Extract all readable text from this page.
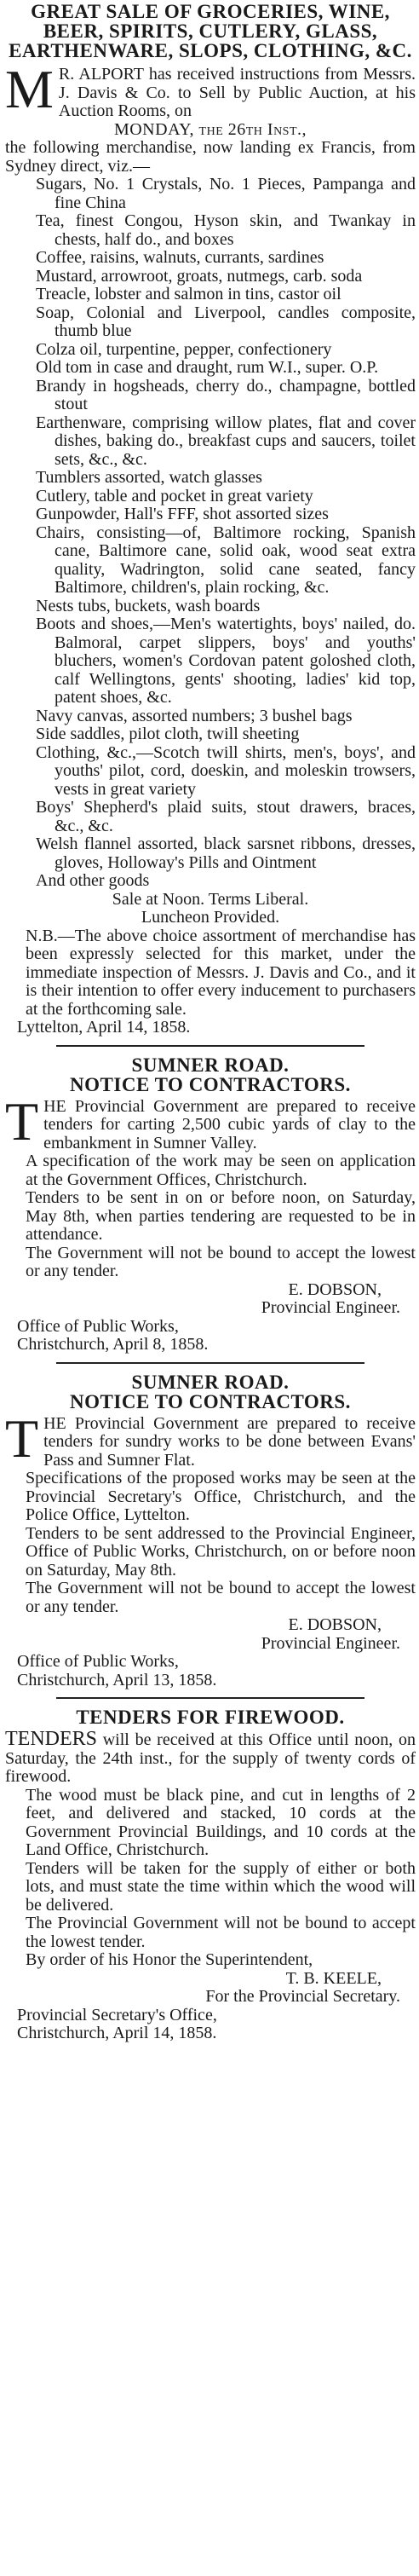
GREAT SALE OF GROCERIES, WINE, BEER, SPIRITS, CUTLERY, GLASS, EARTHENWARE, SLOPS, CLOTHING, &C.

M R. ALPORT has received instructions from Messrs. J. Davis & Co. to Sell by Public Auction, at his Auction Rooms, on

MONDAY, the 26th Inst.,

the following merchandise, now landing ex Francis, from Sydney direct, viz.—

Sugars, No. 1 Crystals, No. 1 Pieces, Pampanga and fine China

Tea, finest Congou, Hyson skin, and Twankay in chests, half do., and boxes

Coffee, raisins, walnuts, currants, sardines

Mustard, arrowroot, groats, nutmegs, carb. soda

Treacle, lobster and salmon in tins, castor oil

Soap, Colonial and Liverpool, candles composite, thumb blue

Colza oil, turpentine, pepper, confectionery

Old tom in case and draught, rum W.I., super. O.P.

Brandy in hogsheads, cherry do., champagne, bottled stout

Earthenware, comprising willow plates, flat and cover dishes, baking do., breakfast cups and saucers, toilet sets, &c., &c.

Tumblers assorted, watch glasses

Cutlery, table and pocket in great variety

Gunpowder, Hall's FFF, shot assorted sizes

Chairs, consisting—of, Baltimore rocking, Spanish cane, Baltimore cane, solid oak, wood seat extra quality, Wadrington, solid cane seated, fancy Baltimore, children's, plain rocking, &c.

Nests tubs, buckets, wash boards

Boots and shoes,—Men's watertights, boys' nailed, do. Balmoral, carpet slippers, boys' and youths' bluchers, women's Cordovan patent goloshed cloth, calf Wellingtons, gents' shooting, ladies' kid top, patent shoes, &c.

Navy canvas, assorted numbers; 3 bushel bags

Side saddles, pilot cloth, twill sheeting

Clothing, &c.,—Scotch twill shirts, men's, boys', and youths' pilot, cord, doeskin, and moleskin trowsers, vests in great variety

Boys' Shepherd's plaid suits, stout drawers, braces, &c., &c.

Welsh flannel assorted, black sarsnet ribbons, dresses, gloves, Holloway's Pills and Ointment

And other goods

Sale at Noon. Terms Liberal.

Luncheon Provided.

N.B.—The above choice assortment of merchandise has been expressly selected for this market, under the immediate inspection of Messrs. J. Davis and Co., and it is their intention to offer every inducement to purchasers at the forthcoming sale.

Lyttelton, April 14, 1858.

SUMNER ROAD.
NOTICE TO CONTRACTORS.

THE Provincial Government are prepared to receive tenders for carting 2,500 cubic yards of clay to the embankment in Sumner Valley.

A specification of the work may be seen on application at the Government Offices, Christchurch.

Tenders to be sent in on or before noon, on Saturday, May 8th, when parties tendering are requested to be in attendance.

The Government will not be bound to accept the lowest or any tender.

E. DOBSON,

Provincial Engineer.

Office of Public Works,

Christchurch, April 8, 1858.

SUMNER ROAD.
NOTICE TO CONTRACTORS.

THE Provincial Government are prepared to receive tenders for sundry works to be done between Evans' Pass and Sumner Flat.

Specifications of the proposed works may be seen at the Provincial Secretary's Office, Christchurch, and the Police Office, Lyttelton.

Tenders to be sent addressed to the Provincial Engineer, Office of Public Works, Christchurch, on or before noon on Saturday, May 8th.

The Government will not be bound to accept the lowest or any tender.

E. DOBSON,

Provincial Engineer.

Office of Public Works,

Christchurch, April 13, 1858.

TENDERS FOR FIREWOOD.

TENDERS will be received at this Office until noon, on Saturday, the 24th inst., for the supply of twenty cords of firewood.

The wood must be black pine, and cut in lengths of 2 feet, and delivered and stacked, 10 cords at the Government Provincial Buildings, and 10 cords at the Land Office, Christchurch.

Tenders will be taken for the supply of either or both lots, and must state the time within which the wood will be delivered.

The Provincial Government will not be bound to accept the lowest tender.

By order of his Honor the Superintendent,

T. B. KEELE,

For the Provincial Secretary.

Provincial Secretary's Office,

Christchurch, April 14, 1858.
